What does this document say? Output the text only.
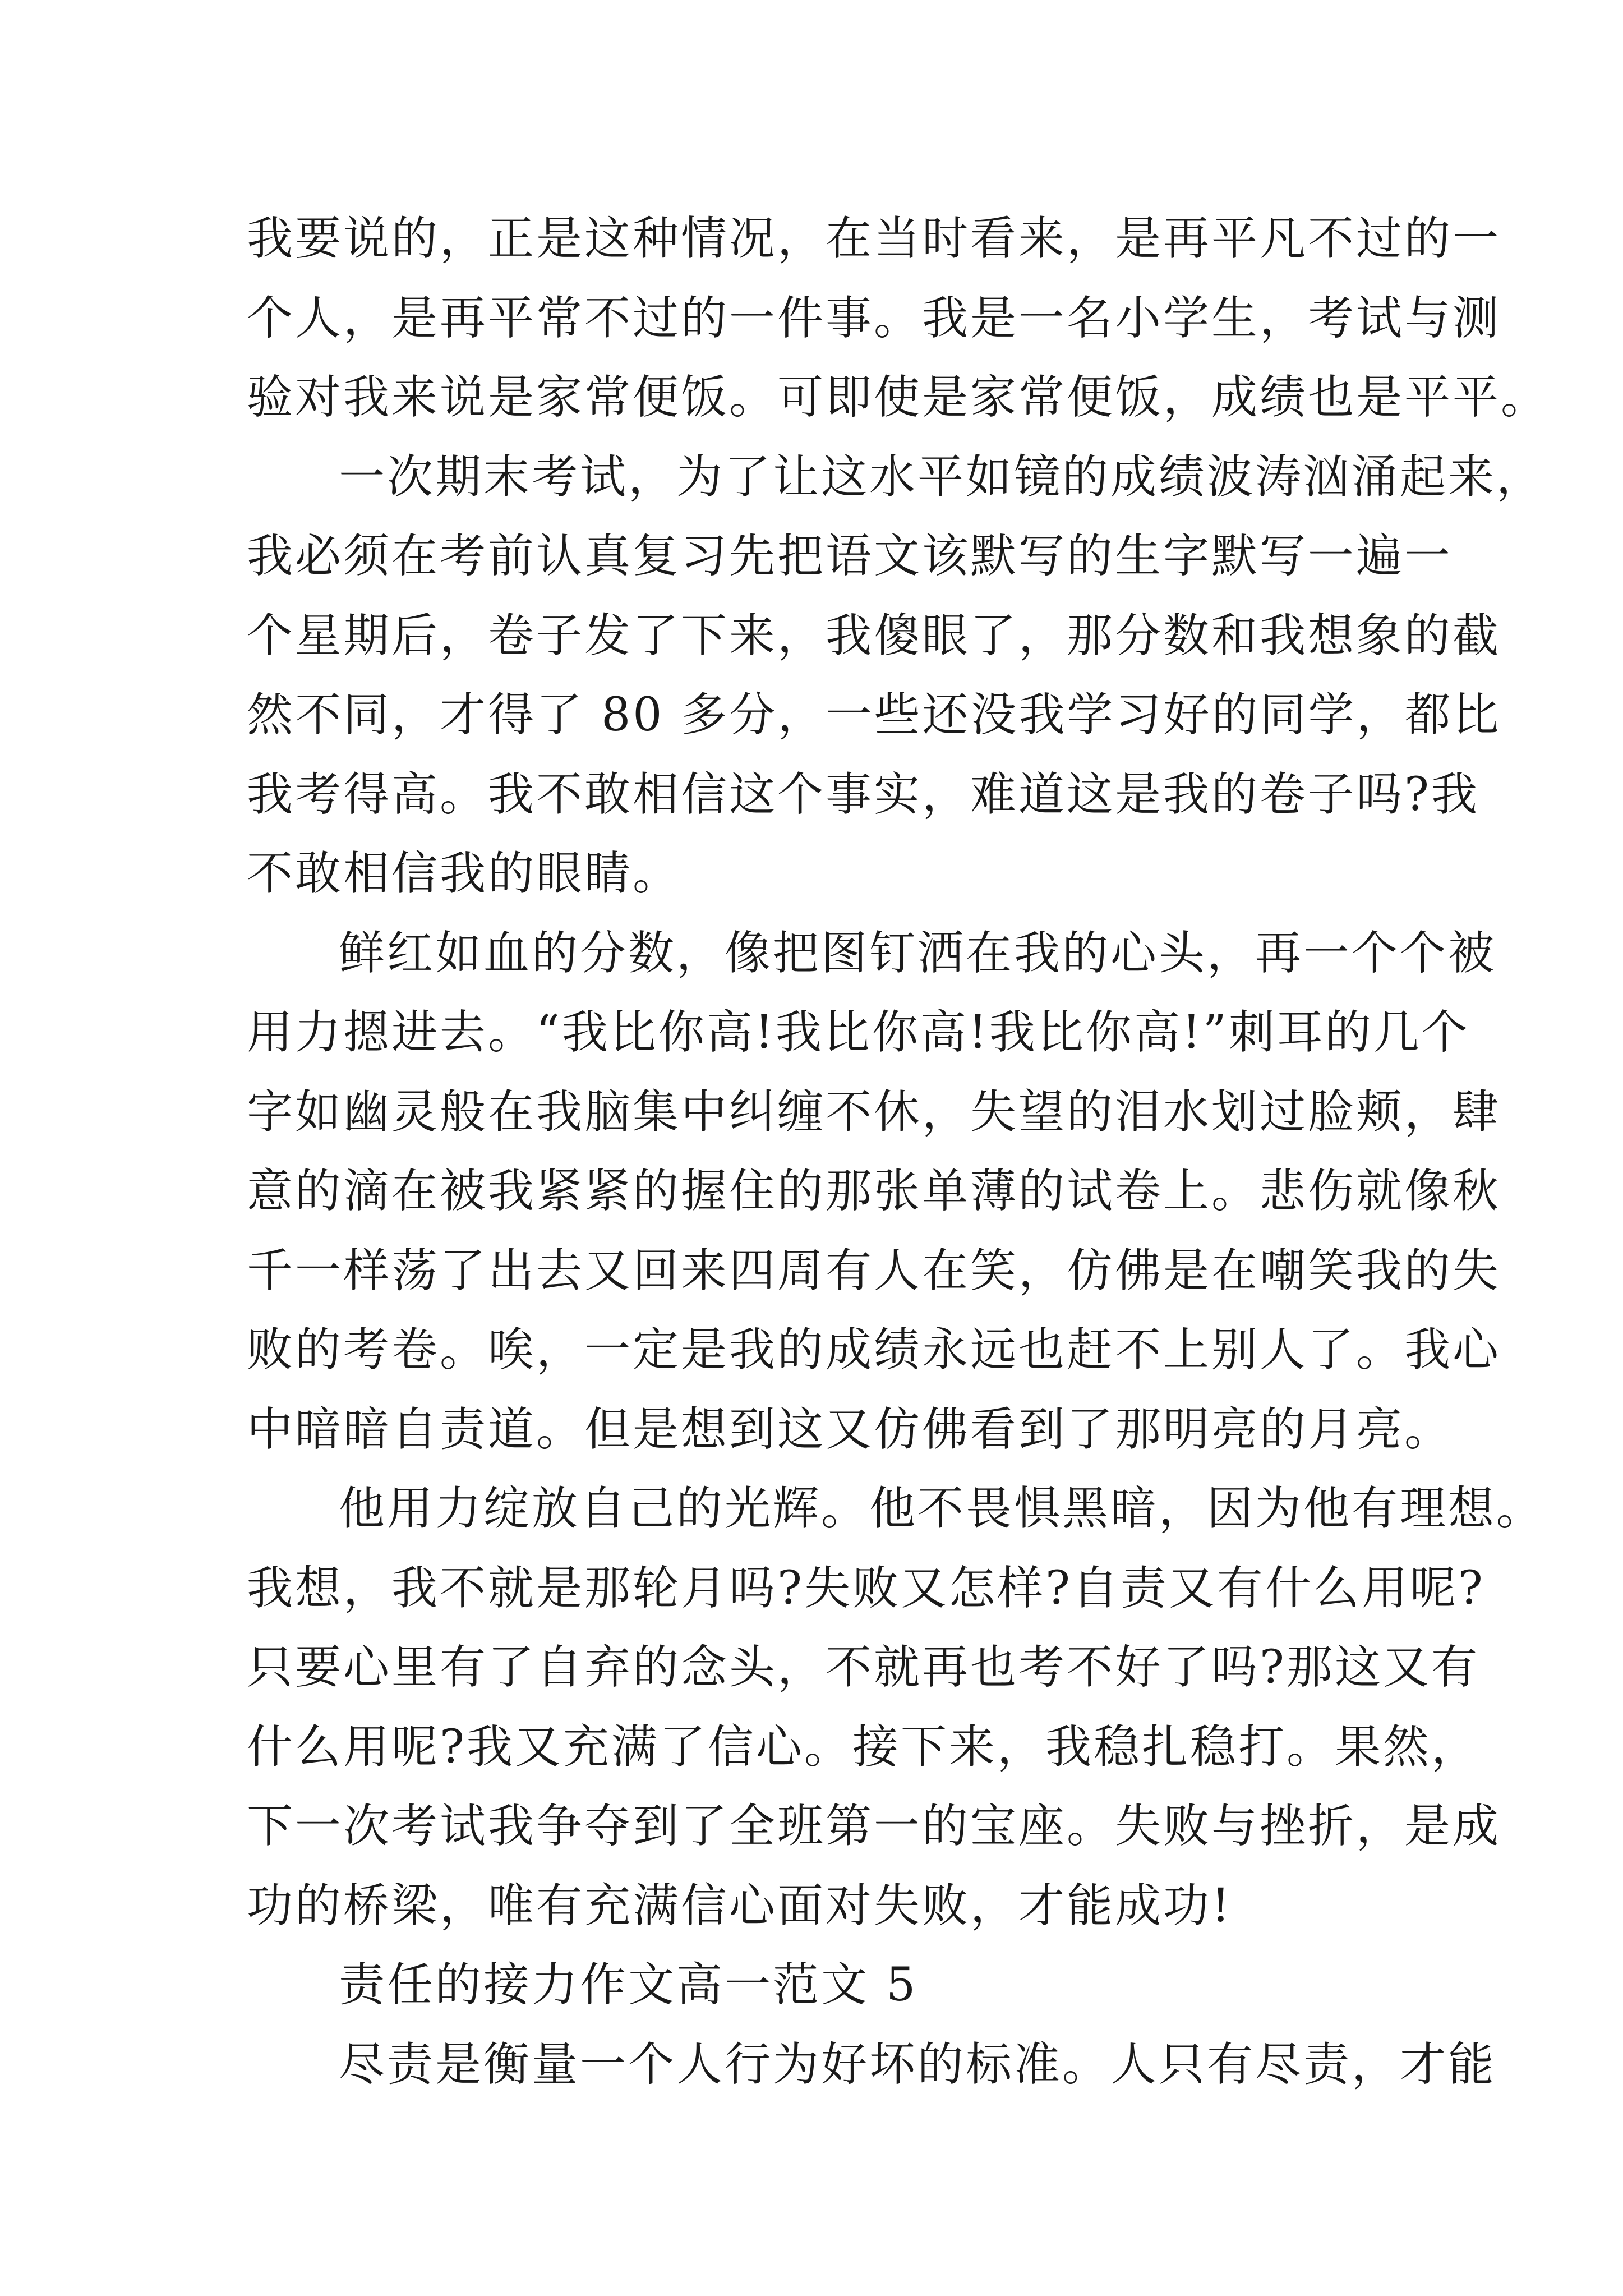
我要说的，正是这种情况，在当时看来，是再平凡不过的一
个人，是再平常不过的一件事。我是一名小学生，考试与测
验对我来说是家常便饭。可即使是家常便饭，成绩也是平平。
一次期末考试，为了让这水平如镜的成绩波涛汹涌起来，
我必须在考前认真复习先把语文该默写的生字默写一遍一
个星期后，卷子发了下来，我傻眼了，那分数和我想象的截
然不同，才得了 80 多分，一些还没我学习好的同学，都比
我考得高。我不敢相信这个事实，难道这是我的卷子吗?我
不敢相信我的眼睛。
鲜红如血的分数，像把图钉洒在我的心头，再一个个被
用力摁进去。“我比你高!我比你高!我比你高!”刺耳的几个
字如幽灵般在我脑集中纠缠不休，失望的泪水划过脸颊，肆
意的滴在被我紧紧的握住的那张单薄的试卷上。悲伤就像秋
千一样荡了出去又回来四周有人在笑，仿佛是在嘲笑我的失
败的考卷。唉，一定是我的成绩永远也赶不上别人了。我心
中暗暗自责道。但是想到这又仿佛看到了那明亮的月亮。
他用力绽放自己的光辉。他不畏惧黑暗，因为他有理想。
我想，我不就是那轮月吗?失败又怎样?自责又有什么用呢?
只要心里有了自弃的念头，不就再也考不好了吗?那这又有
什么用呢?我又充满了信心。接下来，我稳扎稳打。果然，
下一次考试我争夺到了全班第一的宝座。失败与挫折，是成
功的桥梁，唯有充满信心面对失败，才能成功!
责任的接力作文高一范文 5
尽责是衡量一个人行为好坏的标准。人只有尽责，才能
